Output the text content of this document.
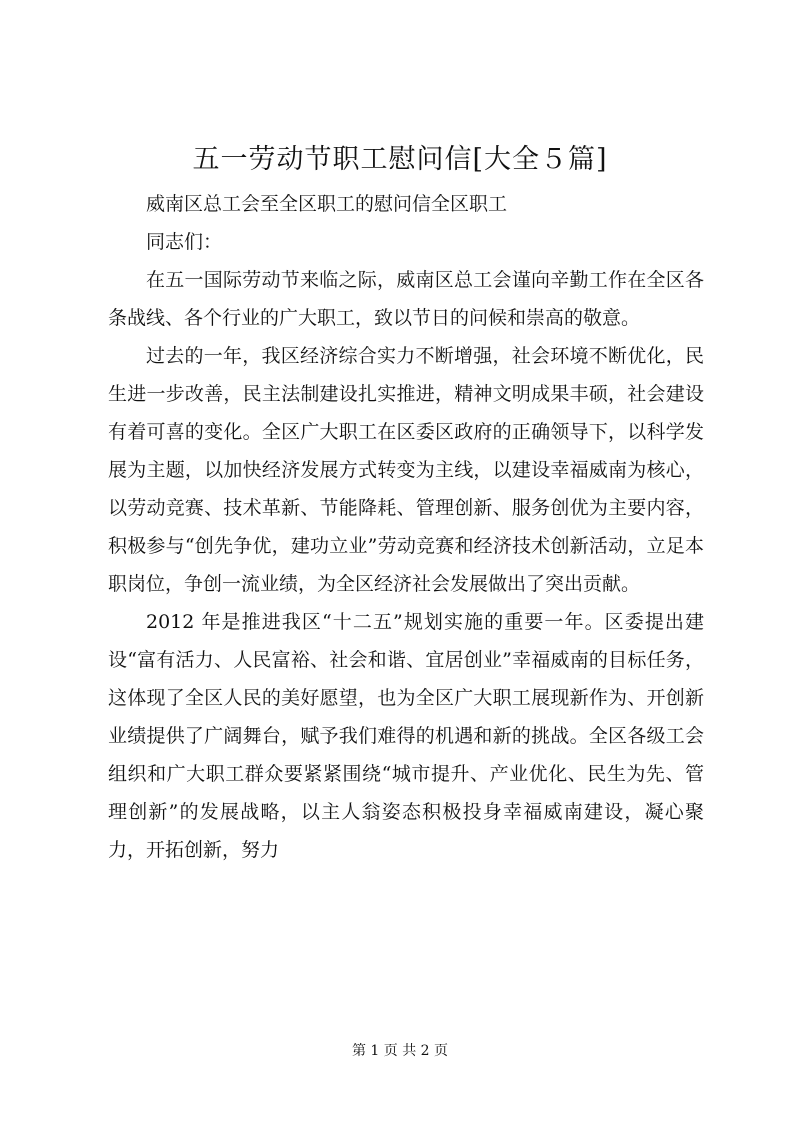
五一劳动节职工慰问信[大全５篇]

威南区总工会至全区职工的慰问信全区职工

同志们：

在五一国际劳动节来临之际，威南区总工会谨向辛勤工作在全区各条战线、各个行业的广大职工，致以节日的问候和崇高的敬意。

过去的一年，我区经济综合实力不断增强，社会环境不断优化，民生进一步改善，民主法制建设扎实推进，精神文明成果丰硕，社会建设有着可喜的变化。全区广大职工在区委区政府的正确领导下，以科学发展为主题，以加快经济发展方式转变为主线，以建设幸福威南为核心，以劳动竞赛、技术革新、节能降耗、管理创新、服务创优为主要内容，积极参与“创先争优，建功立业”劳动竞赛和经济技术创新活动，立足本职岗位，争创一流业绩，为全区经济社会发展做出了突出贡献。

2012 年是推进我区“十二五”规划实施的重要一年。区委提出建设“富有活力、人民富裕、社会和谐、宜居创业”幸福威南的目标任务，这体现了全区人民的美好愿望，也为全区广大职工展现新作为、开创新业绩提供了广阔舞台，赋予我们难得的机遇和新的挑战。全区各级工会组织和广大职工群众要紧紧围绕“城市提升、产业优化、民生为先、管理创新”的发展战略，以主人翁姿态积极投身幸福威南建设，凝心聚力，开拓创新，努力

第 1 页 共 2 页
